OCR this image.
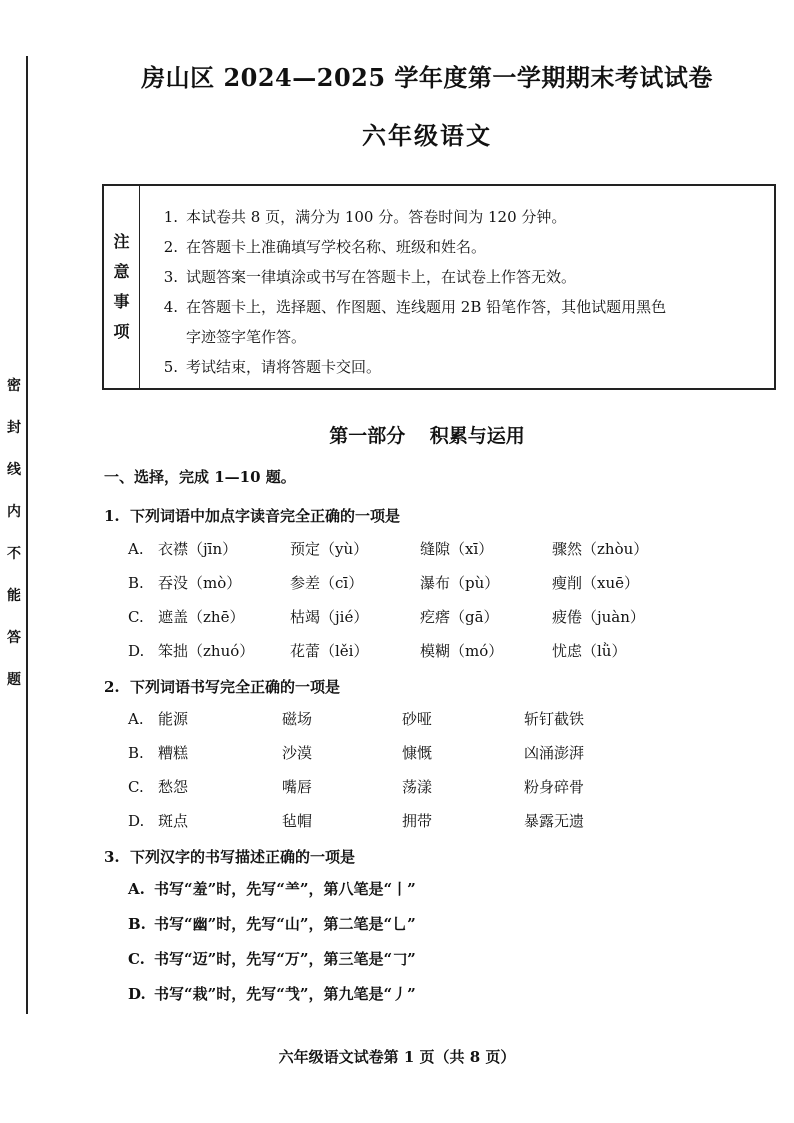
密
封
线
内
不
能
答
题
房山区 2024—2025 学年度第一学期期末考试试卷
六年级语文
注
意
事
项
1. 本试卷共 8 页，满分为 100 分。答卷时间为 120 分钟。
2. 在答题卡上准确填写学校名称、班级和姓名。
3. 试题答案一律填涂或书写在答题卡上，在试卷上作答无效。
4. 在答题卡上，选择题、作图题、连线题用 2B 铅笔作答，其他试题用黑色
字迹签字笔作答。
5. 考试结束，请将答题卡交回。
第一部分 积累与运用
一、选择，完成 1—10 题。
1. 下列词语中加点字读音完全正确的一项是
A. 衣襟（jīn）	预定（yù）	缝隙（xī）	骤然（zhòu）
B. 吞没（mò）	参差（cī）	瀑布（pù）	瘦削（xuē）
C. 遮盖（zhē）	枯竭（jié）	疙瘩（gā）	疲倦（juàn）
D. 笨拙（zhuó） 花蕾（lěi）	模糊（mó）	忧虑（lǜ）
2. 下列词语书写完全正确的一项是
A. 能源	磁场	砂哑	斩钉截铁
B. 糟糕	沙漠	慷慨	凶涌澎湃
C. 愁怨	嘴唇	荡漾	粉身碎骨
D. 斑点	毡帽	拥带	暴露无遗
3. 下列汉字的书写描述正确的一项是
A. 书写“羞”时，先写“⺷”，第八笔是“丨”
B. 书写“幽”时，先写“山”，第二笔是“乚”
C. 书写“迈”时，先写“万”，第三笔是“𠃌”
D. 书写“栽”时，先写“𢦏”，第九笔是“丿”
六年级语文试卷第 1 页（共 8 页）
